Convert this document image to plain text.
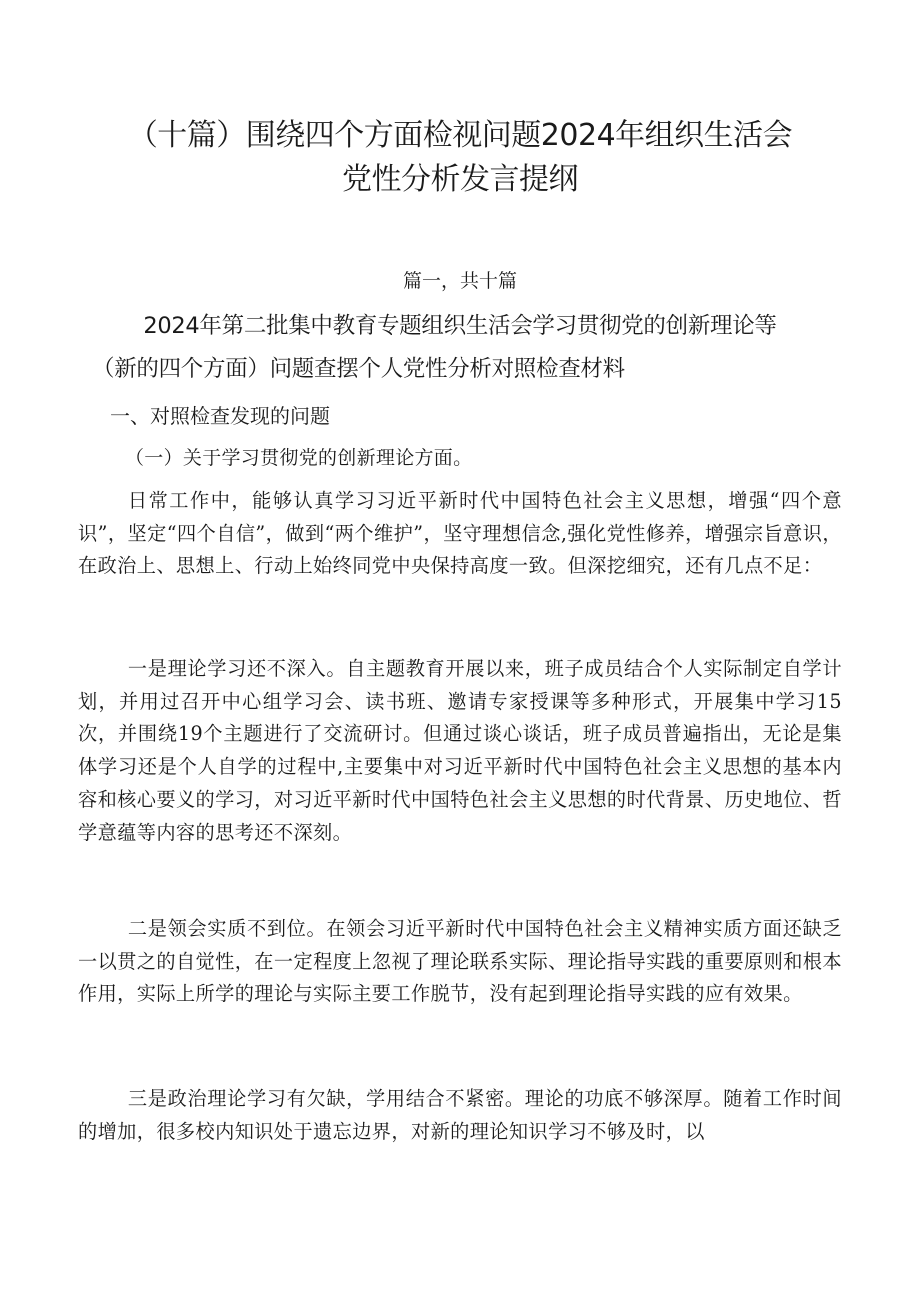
（十篇）围绕四个方面检视问题2024年组织生活会
党性分析发言提纲
篇一，共十篇
2024年第二批集中教育专题组织生活会学习贯彻党的创新理论等
（新的四个方面）问题查摆个人党性分析对照检查材料
一、对照检查发现的问题
（一）关于学习贯彻党的创新理论方面。

日常工作中，能够认真学习习近平新时代中国特色社会主义思想，增强“四个意识”，坚定“四个自信”，做到“两个维护”，坚守理想信念,强化党性修养，增强宗旨意识，在政治上、思想上、行动上始终同党中央保持高度一致。但深挖细究，还有几点不足：

一是理论学习还不深入。自主题教育开展以来，班子成员结合个人实际制定自学计划，并用过召开中心组学习会、读书班、邀请专家授课等多种形式，开展集中学习15次，并围绕19个主题进行了交流研讨。但通过谈心谈话，班子成员普遍指出，无论是集体学习还是个人自学的过程中,主要集中对习近平新时代中国特色社会主义思想的基本内容和核心要义的学习，对习近平新时代中国特色社会主义思想的时代背景、历史地位、哲学意蕴等内容的思考还不深刻。

二是领会实质不到位。在领会习近平新时代中国特色社会主义精神实质方面还缺乏一以贯之的自觉性，在一定程度上忽视了理论联系实际、理论指导实践的重要原则和根本作用，实际上所学的理论与实际主要工作脱节，没有起到理论指导实践的应有效果。

三是政治理论学习有欠缺，学用结合不紧密。理论的功底不够深厚。随着工作时间的增加，很多校内知识处于遗忘边界，对新的理论知识学习不够及时，以
